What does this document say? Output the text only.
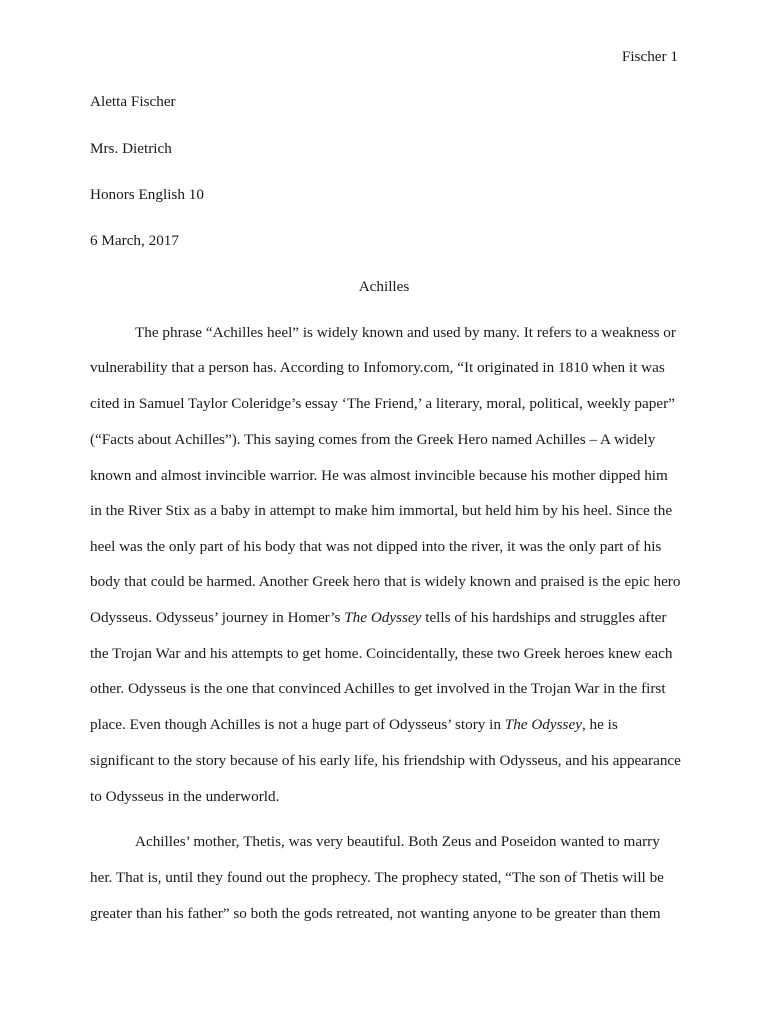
Fischer 1
Aletta Fischer
Mrs. Dietrich
Honors English 10
6 March, 2017
Achilles
The phrase “Achilles heel” is widely known and used by many. It refers to a weakness or
vulnerability that a person has. According to Infomory.com, “It originated in 1810 when it was
cited in Samuel Taylor Coleridge’s essay ‘The Friend,’ a literary, moral, political, weekly paper”
(“Facts about Achilles”). This saying comes from the Greek Hero named Achilles – A widely
known and almost invincible warrior. He was almost invincible because his mother dipped him
in the River Stix as a baby in attempt to make him immortal, but held him by his heel. Since the
heel was the only part of his body that was not dipped into the river, it was the only part of his
body that could be harmed. Another Greek hero that is widely known and praised is the epic hero
Odysseus. Odysseus’ journey in Homer’s The Odyssey tells of his hardships and struggles after
the Trojan War and his attempts to get home. Coincidentally, these two Greek heroes knew each
other. Odysseus is the one that convinced Achilles to get involved in the Trojan War in the first
place. Even though Achilles is not a huge part of Odysseus’ story in The Odyssey, he is
significant to the story because of his early life, his friendship with Odysseus, and his appearance
to Odysseus in the underworld.
Achilles’ mother, Thetis, was very beautiful. Both Zeus and Poseidon wanted to marry
her. That is, until they found out the prophecy. The prophecy stated, “The son of Thetis will be
greater than his father” so both the gods retreated, not wanting anyone to be greater than them
